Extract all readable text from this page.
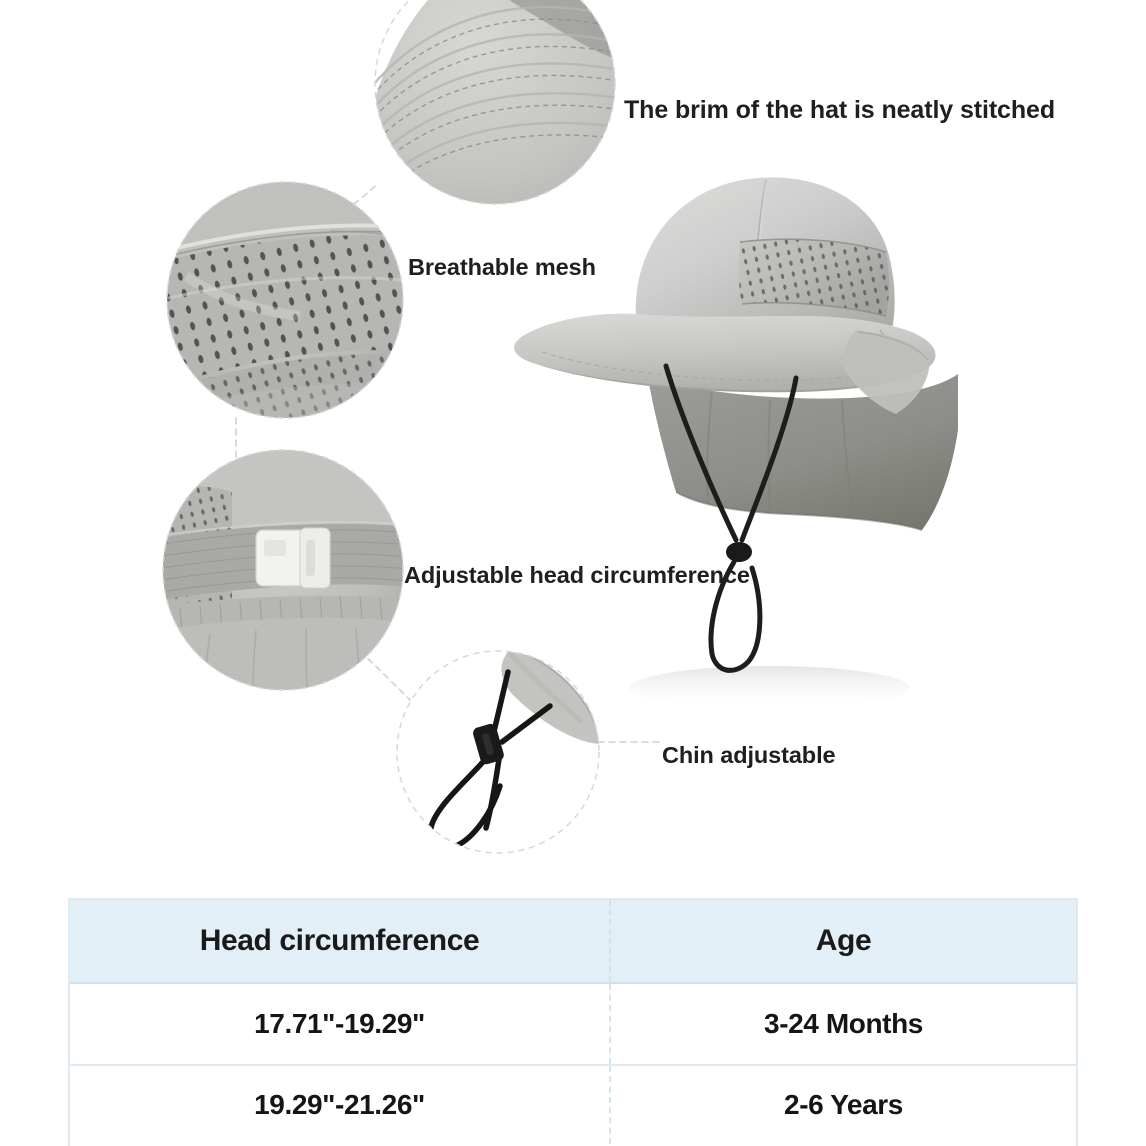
The brim of the hat is neatly stitched
Breathable mesh
Adjustable head circumference
Chin adjustable
Head circumference	Age
17.71"-19.29"	3-24 Months
19.29"-21.26"	2-6 Years
